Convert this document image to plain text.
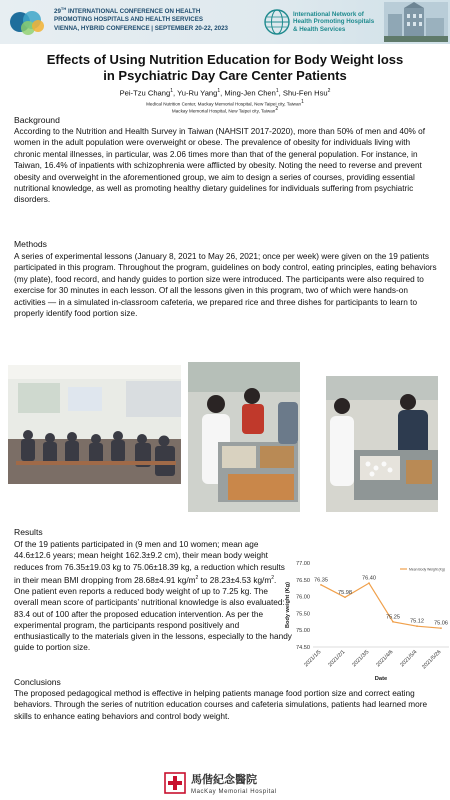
29TH INTERNATIONAL CONFERENCE ON HEALTH
PROMOTING HOSPITALS AND HEALTH SERVICES
VIENNA, HYBRID CONFERENCE | SEPTEMBER 20-22, 2023
International Network of
Health Promoting Hospitals
& Health Services
Effects of Using Nutrition Education for Body Weight loss
in Psychiatric Day Care Center Patients
Pei-Tzu Chang$^1$, Yu-Ru Yang$^1$, Ming-Jen Chen$^1$, Shu-Fen Hsu$^2$
Medical Nutrition Center, Mackay Memorial Hospital, New Taipei city, Taiwan$^1$
Mackay Memorial Hospital, New Taipei city, Taiwan$^2$
Background
According to the Nutrition and Health Survey in Taiwan (NAHSIT 2017-2020), more than 50% of men and 40% of women in the adult population were overweight or obese. The prevalence of obesity for individuals living with chronic mental illnesses, in particular, was 2.06 times more than that of the general population. For instance, in Taiwan, 16.4% of inpatients with schizophrenia were afflicted by obesity. Noting the need to reverse and prevent obesity and overweight in the aforementioned group, we aim to design a series of courses, providing essential nutritional knowledge, as well as promoting healthy dietary guidelines for individuals suffering from psychiatric disorders.
Methods
A series of experimental lessons (January 8, 2021 to May 26, 2021; once per week) were given on the 19 patients participated in this program. Throughout the program, guidelines on body control, eating principles, eating behaviors (my plate), food record, and handy guides to portion size were introduced. The participants were also required to exercise for 30 minutes in each lesson. Of all the lessons given in this program, two of which were hands-on activities — in a simulated in-classroom cafeteria, we prepared rice and three dishes for participants to learn to properly identify food portion size.
Results
Of the 19 patients participated in (9 men and 10 women; mean age 44.6±12.6 years; mean height 162.3±9.2 cm), their mean body weight reduces from 76.35±19.03 kg to 75.06±18.39 kg, a reduction which results in their mean BMI dropping from 28.68±4.91 $kg/m^2$ to 28.23±4.53 $kg/m^2$. One patient even reports a reduced body weight of up to 7.25 kg. The overall mean score of participants’ nutritional knowledge is also evaluated: 83.4 out of 100 after the proposed education intervention. As per the experimental program, the participants respond positively and enthusiastically to the materials given in the lessons, especially to the handy guide to portion size.
77.00
76.50
76.00
75.50
75.00
74.50
Body weight (Kg)
2021/1/5 2021/2/1 2021/3/5 2021/4/6 2021/5/4 2021/5/26
Date
76.35
75.98
76.40
75.25
75.12 75.06
Mean Body Weight (Kg)
Conclusions
The proposed pedagogical method is effective in helping patients manage food portion size and correct eating behaviors. Through the series of nutrition education courses and cafeteria simulations, patients had learned more skills to enhance eating behaviors and control body weight.
馬偕紀念醫院
MacKay Memorial Hospital
